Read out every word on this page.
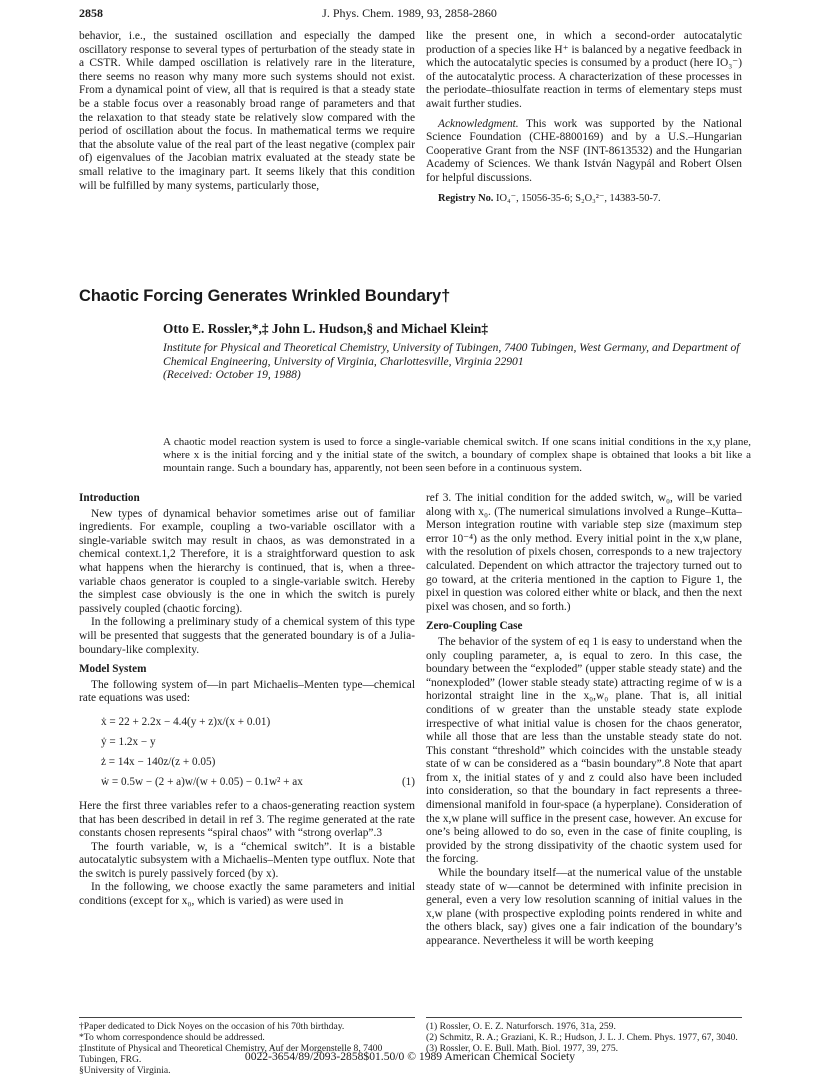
2858	J. Phys. Chem. 1989, 93, 2858-2860

behavior, i.e., the sustained oscillation and especially the damped oscillatory response to several types of perturbation of the steady state in a CSTR. While damped oscillation is relatively rare in the literature, there seems no reason why many more such systems should not exist. From a dynamical point of view, all that is required is that a steady state be a stable focus over a reasonably broad range of parameters and that the relaxation to that steady state be relatively slow compared with the period of oscillation about the focus. In mathematical terms we require that the absolute value of the real part of the least negative (complex pair of) eigenvalues of the Jacobian matrix evaluated at the steady state be small relative to the imaginary part. It seems likely that this condition will be fulfilled by many systems, particularly those,

like the present one, in which a second-order autocatalytic production of a species like H⁺ is balanced by a negative feedback in which the autocatalytic species is consumed by a product (here IO₃⁻) of the autocatalytic process. A characterization of these processes in the periodate–thiosulfate reaction in terms of elementary steps must await further studies.

Acknowledgment. This work was supported by the National Science Foundation (CHE-8800169) and by a U.S.–Hungarian Cooperative Grant from the NSF (INT-8613532) and the Hungarian Academy of Sciences. We thank István Nagypál and Robert Olsen for helpful discussions.

Registry No. IO₄⁻, 15056-35-6; S₂O₃²⁻, 14383-50-7.

Chaotic Forcing Generates Wrinkled Boundary†
Otto E. Rossler,*,‡ John L. Hudson,§ and Michael Klein‡
Institute for Physical and Theoretical Chemistry, University of Tubingen, 7400 Tubingen, West Germany, and Department of Chemical Engineering, University of Virginia, Charlottesville, Virginia 22901
(Received: October 19, 1988)
A chaotic model reaction system is used to force a single-variable chemical switch. If one scans initial conditions in the x,y plane, where x is the initial forcing and y the initial state of the switch, a boundary of complex shape is obtained that looks a bit like a mountain range. Such a boundary has, apparently, not been seen before in a continuous system.

Introduction

New types of dynamical behavior sometimes arise out of familiar ingredients. For example, coupling a two-variable oscillator with a single-variable switch may result in chaos, as was demonstrated in a chemical context.1,2 Therefore, it is a straightforward question to ask what happens when the hierarchy is continued, that is, when a three-variable chaos generator is coupled to a single-variable switch. Hereby the simplest case obviously is the one in which the switch is purely passively coupled (chaotic forcing).

In the following a preliminary study of a chemical system of this type will be presented that suggests that the generated boundary is of a Julia-boundary-like complexity.

Model System

The following system of—in part Michaelis–Menten type—chemical rate equations was used:

ẋ = 22 + 2.2x − 4.4(y + z)x/(x + 0.01)
ẏ = 1.2x − y
ż = 14x − 140z/(z + 0.05)
ẇ = 0.5w − (2 + a)w/(w + 0.05) − 0.1w² + ax	(1)

Here the first three variables refer to a chaos-generating reaction system that has been described in detail in ref 3. The regime generated at the rate constants chosen represents “spiral chaos” with “strong overlap”.3

The fourth variable, w, is a “chemical switch”. It is a bistable autocatalytic subsystem with a Michaelis–Menten type outflux. Note that the switch is purely passively forced (by x).

In the following, we choose exactly the same parameters and initial conditions (except for x₀, which is varied) as were used in

ref 3. The initial condition for the added switch, w₀, will be varied along with x₀. (The numerical simulations involved a Runge–Kutta–Merson integration routine with variable step size (maximum step error 10⁻⁴) as the only method. Every initial point in the x,w plane, with the resolution of pixels chosen, corresponds to a new trajectory calculated. Dependent on which attractor the trajectory turned out to go toward, at the criteria mentioned in the caption to Figure 1, the pixel in question was colored either white or black, and then the next pixel was chosen, and so forth.)

Zero-Coupling Case

The behavior of the system of eq 1 is easy to understand when the only coupling parameter, a, is equal to zero. In this case, the boundary between the “exploded” (upper stable steady state) and the “nonexploded” (lower stable steady state) attracting regime of w is a horizontal straight line in the x₀,w₀ plane. That is, all initial conditions of w greater than the unstable steady state explode irrespective of what initial value is chosen for the chaos generator, while all those that are less than the unstable steady state do not. This constant “threshold” which coincides with the unstable steady state of w can be considered as a “basin boundary”.8 Note that apart from x, the initial states of y and z could also have been included into consideration, so that the boundary in fact represents a three-dimensional manifold in four-space (a hyperplane). Consideration of the x,w plane will suffice in the present case, however. An excuse for one’s being allowed to do so, even in the case of finite coupling, is provided by the strong dissipativity of the chaotic system used for the forcing.

While the boundary itself—at the numerical value of the unstable steady state of w—cannot be determined with infinite precision in general, even a very low resolution scanning of initial values in the x,w plane (with prospective exploding points rendered in white and the others black, say) gives one a fair indication of the boundary’s appearance. Nevertheless it will be worth keeping

†Paper dedicated to Dick Noyes on the occasion of his 70th birthday.

*To whom correspondence should be addressed.

‡Institute of Physical and Theoretical Chemistry, Auf der Morgenstelle 8, 7400 Tubingen, FRG.

§University of Virginia.

(1) Rossler, O. E. Z. Naturforsch. 1976, 31a, 259.

(2) Schmitz, R. A.; Graziani, K. R.; Hudson, J. L. J. Chem. Phys. 1977, 67, 3040.

(3) Rossler, O. E. Bull. Math. Biol. 1977, 39, 275.

0022-3654/89/2093-2858$01.50/0 © 1989 American Chemical Society
